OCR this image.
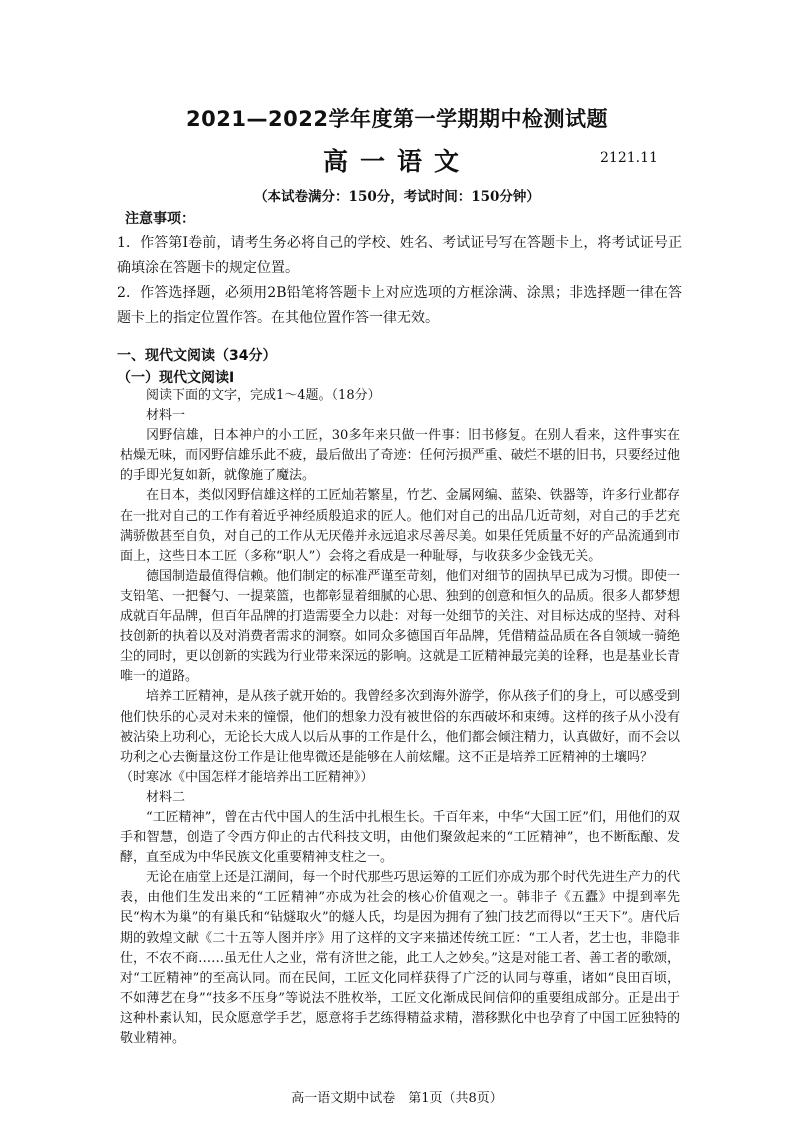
2021—2022学年度第一学期期中检测试题
高一语文	2121.11
（本试卷满分：150分，考试时间：150分钟）
注意事项：
1．作答第Ⅰ卷前，请考生务必将自己的学校、姓名、考试证号写在答题卡上，将考试证号正确填涂在答题卡的规定位置。
2．作答选择题，必须用2B铅笔将答题卡上对应选项的方框涂满、涂黑；非选择题一律在答题卡上的指定位置作答。在其他位置作答一律无效。
一、现代文阅读（34分）
（一）现代文阅读Ⅰ

阅读下面的文字，完成1～4题。（18分）

材料一

冈野信雄，日本神户的小工匠，30多年来只做一件事：旧书修复。在别人看来，这件事实在枯燥无味，而冈野信雄乐此不疲，最后做出了奇迹：任何污损严重、破烂不堪的旧书，只要经过他的手即光复如新，就像施了魔法。

在日本，类似冈野信雄这样的工匠灿若繁星，竹艺、金属网编、蓝染、铁器等，许多行业都存在一批对自己的工作有着近乎神经质般追求的匠人。他们对自己的出品几近苛刻，对自己的手艺充满骄傲甚至自负，对自己的工作从无厌倦并永远追求尽善尽美。如果任凭质量不好的产品流通到市面上，这些日本工匠（多称“职人”）会将之看成是一种耻辱，与收获多少金钱无关。

德国制造最值得信赖。他们制定的标准严谨至苛刻，他们对细节的固执早已成为习惯。即使一支铅笔、一把餐勺、一提菜篮，也都彰显着细腻的心思、独到的创意和恒久的品质。很多人都梦想成就百年品牌，但百年品牌的打造需要全力以赴：对每一处细节的关注、对目标达成的坚持、对科技创新的执着以及对消费者需求的洞察。如同众多德国百年品牌，凭借精益品质在各自领域一骑绝尘的同时，更以创新的实践为行业带来深远的影响。这就是工匠精神最完美的诠释，也是基业长青唯一的道路。

培养工匠精神，是从孩子就开始的。我曾经多次到海外游学，你从孩子们的身上，可以感受到他们快乐的心灵对未来的憧憬，他们的想象力没有被世俗的东西破坏和束缚。这样的孩子从小没有被沾染上功利心，无论长大成人以后从事的工作是什么，他们都会倾注精力，认真做好，而不会以功利之心去衡量这份工作是让他卑微还是能够在人前炫耀。这不正是培养工匠精神的土壤吗？

（时寒冰《中国怎样才能培养出工匠精神》）

材料二

“工匠精神”，曾在古代中国人的生活中扎根生长。千百年来，中华“大国工匠”们，用他们的双手和智慧，创造了令西方仰止的古代科技文明，由他们聚敛起来的“工匠精神”，也不断酝酿、发酵，直至成为中华民族文化重要精神支柱之一。

无论在庙堂上还是江湖间，每一个时代那些巧思运筹的工匠们亦成为那个时代先进生产力的代表，由他们生发出来的“工匠精神”亦成为社会的核心价值观之一。韩非子《五蠹》中提到率先民“构木为巢”的有巢氏和“钻燧取火”的燧人氏，均是因为拥有了独门技艺而得以“王天下”。唐代后期的敦煌文献《二十五等人图并序》用了这样的文字来描述传统工匠：“工人者，艺士也，非隐非仕，不农不商……虽无仕人之业，常有济世之能，此工人之妙矣。”这是对能工者、善工者的歌颂，对“工匠精神”的至高认同。而在民间，工匠文化同样获得了广泛的认同与尊重，诸如“良田百顷，不如薄艺在身”“技多不压身”等说法不胜枚举，工匠文化渐成民间信仰的重要组成部分。正是出于这种朴素认知，民众愿意学手艺，愿意将手艺练得精益求精，潜移默化中也孕育了中国工匠独特的敬业精神。

高一语文期中试卷　第1页（共8页）
